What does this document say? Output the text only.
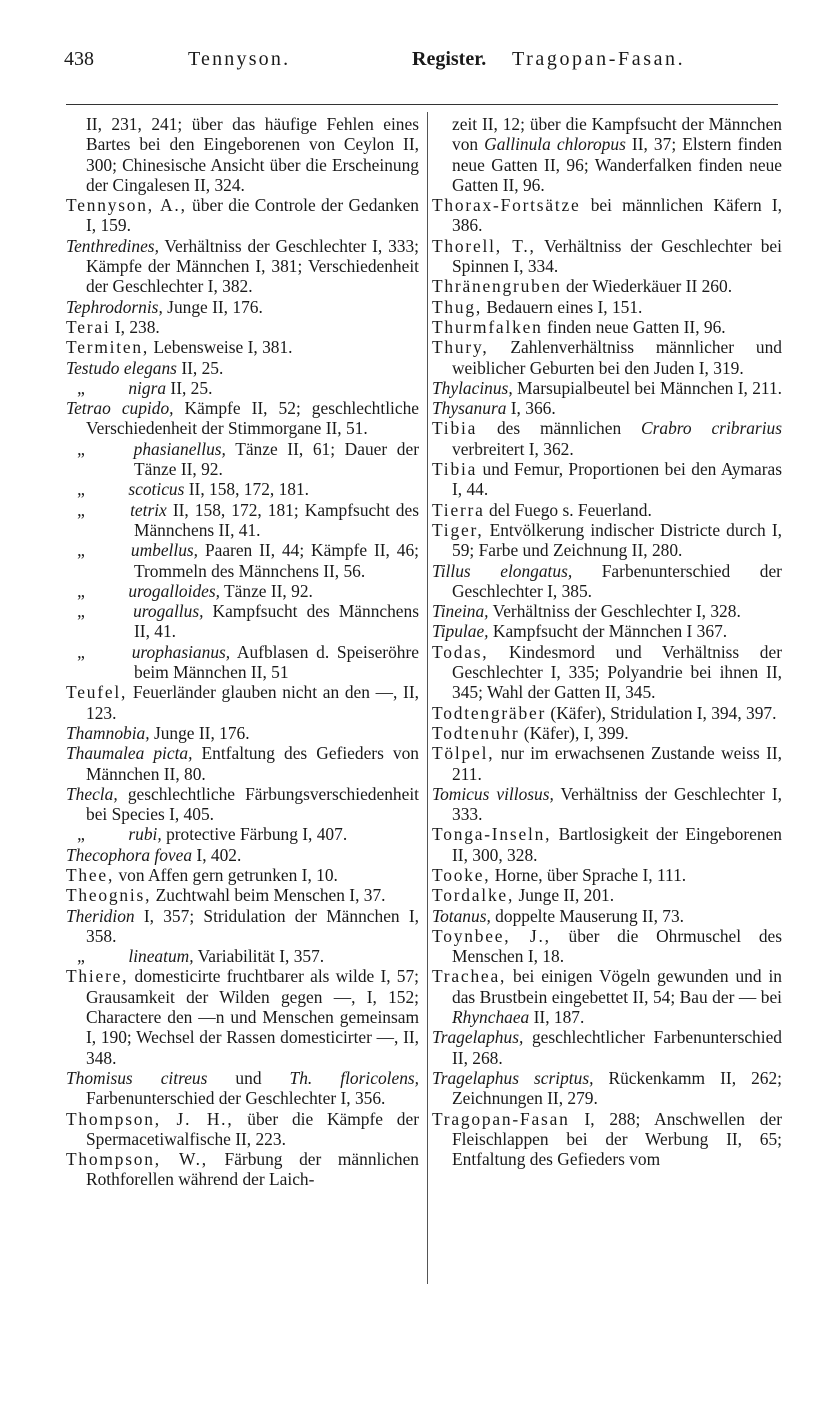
438	Tennyson.	Register. Tragopan-Fasan.

II, 231, 241; über das häufige Fehlen eines Bartes bei den Eingeborenen von Ceylon II, 300; Chinesische Ansicht über die Erscheinung der Cingalesen II, 324.

Tennyson, A., über die Controle der Gedanken I, 159.

Tenthredines, Verhältniss der Geschlechter I, 333; Kämpfe der Männchen I, 381; Verschiedenheit der Geschlechter I, 382.

Tephrodornis, Junge II, 176.

Terai I, 238.

Termiten, Lebensweise I, 381.

Testudo elegans II, 25.

„	nigra II, 25.

Tetrao cupido, Kämpfe II, 52; geschlechtliche Verschiedenheit der Stimmorgane II, 51.

„	phasianellus, Tänze II, 61; Dauer der Tänze II, 92.

„	scoticus II, 158, 172, 181.

„	tetrix II, 158, 172, 181; Kampfsucht des Männchens II, 41.

„	umbellus, Paaren II, 44; Kämpfe II, 46; Trommeln des Männchens II, 56.

„	urogalloides, Tänze II, 92.

„	urogallus, Kampfsucht des Männchens II, 41.

„	urophasianus, Aufblasen d. Speiseröhre beim Männchen II, 51

Teufel, Feuerländer glauben nicht an den —, II, 123.

Thamnobia, Junge II, 176.

Thaumalea picta, Entfaltung des Gefieders von Männchen II, 80.

Thecla, geschlechtliche Färbungsverschiedenheit bei Species I, 405.

„	rubi, protective Färbung I, 407.

Thecophora fovea I, 402.

Thee, von Affen gern getrunken I, 10.

Theognis, Zuchtwahl beim Menschen I, 37.

Theridion I, 357; Stridulation der Männchen I, 358.

„	lineatum, Variabilität I, 357.

Thiere, domesticirte fruchtbarer als wilde I, 57; Grausamkeit der Wilden gegen —, I, 152; Charactere den —n und Menschen gemeinsam I, 190; Wechsel der Rassen domesticirter —, II, 348.

Thomisus citreus und Th. floricolens, Farbenunterschied der Geschlechter I, 356.

Thompson, J. H., über die Kämpfe der Spermacetiwalfische II, 223.

Thompson, W., Färbung der männlichen Rothforellen während der Laich-

zeit II, 12; über die Kampfsucht der Männchen von Gallinula chloropus II, 37; Elstern finden neue Gatten II, 96; Wanderfalken finden neue Gatten II, 96.

Thorax-Fortsätze bei männlichen Käfern I, 386.

Thorell, T., Verhältniss der Geschlechter bei Spinnen I, 334.

Thränengruben der Wiederkäuer II 260.

Thug, Bedauern eines I, 151.

Thurmfalken finden neue Gatten II, 96.

Thury, Zahlenverhältniss männlicher und weiblicher Geburten bei den Juden I, 319.

Thylacinus, Marsupialbeutel bei Männchen I, 211.

Thysanura I, 366.

Tibia des männlichen Crabro cribrarius verbreitert I, 362.

Tibia und Femur, Proportionen bei den Aymaras I, 44.

Tierra del Fuego s. Feuerland.

Tiger, Entvölkerung indischer Districte durch I, 59; Farbe und Zeichnung II, 280.

Tillus elongatus, Farbenunterschied der Geschlechter I, 385.

Tineina, Verhältniss der Geschlechter I, 328.

Tipulae, Kampfsucht der Männchen I 367.

Todas, Kindesmord und Verhältniss der Geschlechter I, 335; Polyandrie bei ihnen II, 345; Wahl der Gatten II, 345.

Todtengräber (Käfer), Stridulation I, 394, 397.

Todtenuhr (Käfer), I, 399.

Tölpel, nur im erwachsenen Zustande weiss II, 211.

Tomicus villosus, Verhältniss der Geschlechter I, 333.

Tonga-Inseln, Bartlosigkeit der Eingeborenen II, 300, 328.

Tooke, Horne, über Sprache I, 111.

Tordalke, Junge II, 201.

Totanus, doppelte Mauserung II, 73.

Toynbee, J., über die Ohrmuschel des Menschen I, 18.

Trachea, bei einigen Vögeln gewunden und in das Brustbein eingebettet II, 54; Bau der — bei Rhynchaea II, 187.

Tragelaphus, geschlechtlicher Farbenunterschied II, 268.

Tragelaphus scriptus, Rückenkamm II, 262; Zeichnungen II, 279.

Tragopan-Fasan I, 288; Anschwellen der Fleischlappen bei der Werbung II, 65; Entfaltung des Gefieders vom
